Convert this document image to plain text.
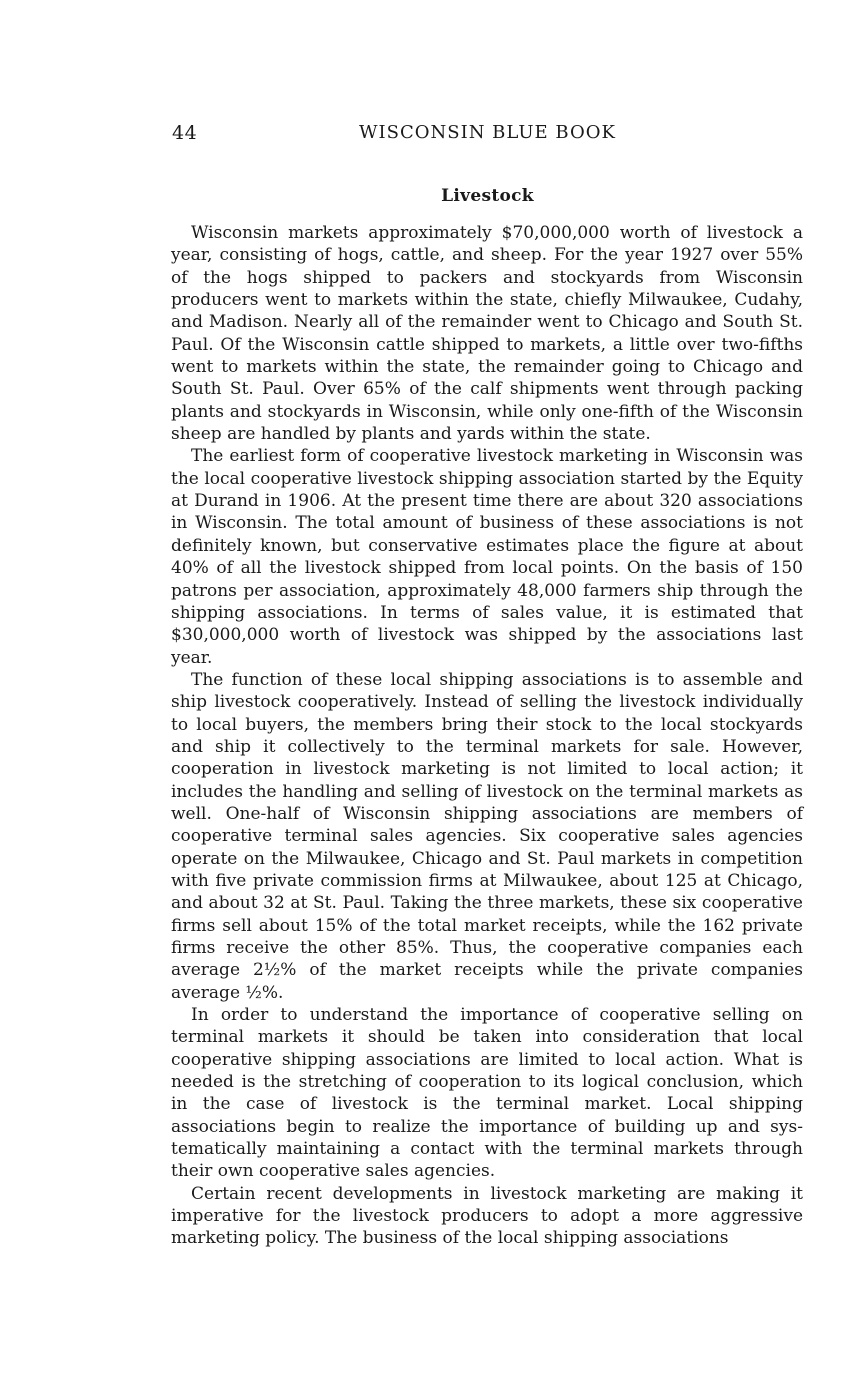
44	WISCONSIN BLUE BOOK
Livestock

Wisconsin markets approximately $70,000,000 worth of livestock a year, consisting of hogs, cattle, and sheep. For the year 1927 over 55% of the hogs shipped to packers and stockyards from Wisconsin producers went to markets within the state, chiefly Milwaukee, Cudahy, and Madison. Nearly all of the remainder went to Chicago and South St. Paul. Of the Wisconsin cattle shipped to markets, a little over two-fifths went to markets within the state, the remainder going to Chicago and South St. Paul. Over 65% of the calf shipments went through packing plants and stockyards in Wisconsin, while only one-fifth of the Wisconsin sheep are handled by plants and yards within the state.

The earliest form of cooperative livestock marketing in Wisconsin was the local cooperative livestock shipping association started by the Equity at Durand in 1906. At the present time there are about 320 associations in Wisconsin. The total amount of business of these associations is not definitely known, but conservative estimates place the figure at about 40% of all the livestock shipped from local points. On the basis of 150 patrons per association, approximately 48,000 farmers ship through the shipping associations. In terms of sales value, it is estimated that $30,000,000 worth of livestock was shipped by the associations last year.

The function of these local shipping associations is to assemble and ship livestock cooperatively. Instead of selling the livestock individually to local buyers, the members bring their stock to the local stockyards and ship it collectively to the terminal markets for sale. However, cooperation in livestock marketing is not limited to local action; it includes the handling and selling of livestock on the terminal markets as well. One-half of Wisconsin shipping associations are members of cooperative terminal sales agencies. Six cooperative sales agencies operate on the Milwaukee, Chicago and St. Paul markets in competition with five private commission firms at Milwaukee, about 125 at Chicago, and about 32 at St. Paul. Taking the three markets, these six cooperative firms sell about 15% of the total market receipts, while the 162 private firms receive the other 85%. Thus, the cooperative companies each average 2½% of the market receipts while the private companies average ½%.

In order to understand the importance of cooperative selling on terminal markets it should be taken into consideration that local cooperative shipping associations are limited to local action. What is needed is the stretching of cooperation to its logical conclusion, which in the case of livestock is the terminal market. Local shipping associations begin to realize the importance of building up and systematically maintaining a contact with the terminal markets through their own cooperative sales agencies.

Certain recent developments in livestock marketing are making it imperative for the livestock producers to adopt a more aggressive marketing policy. The business of the local shipping associations
